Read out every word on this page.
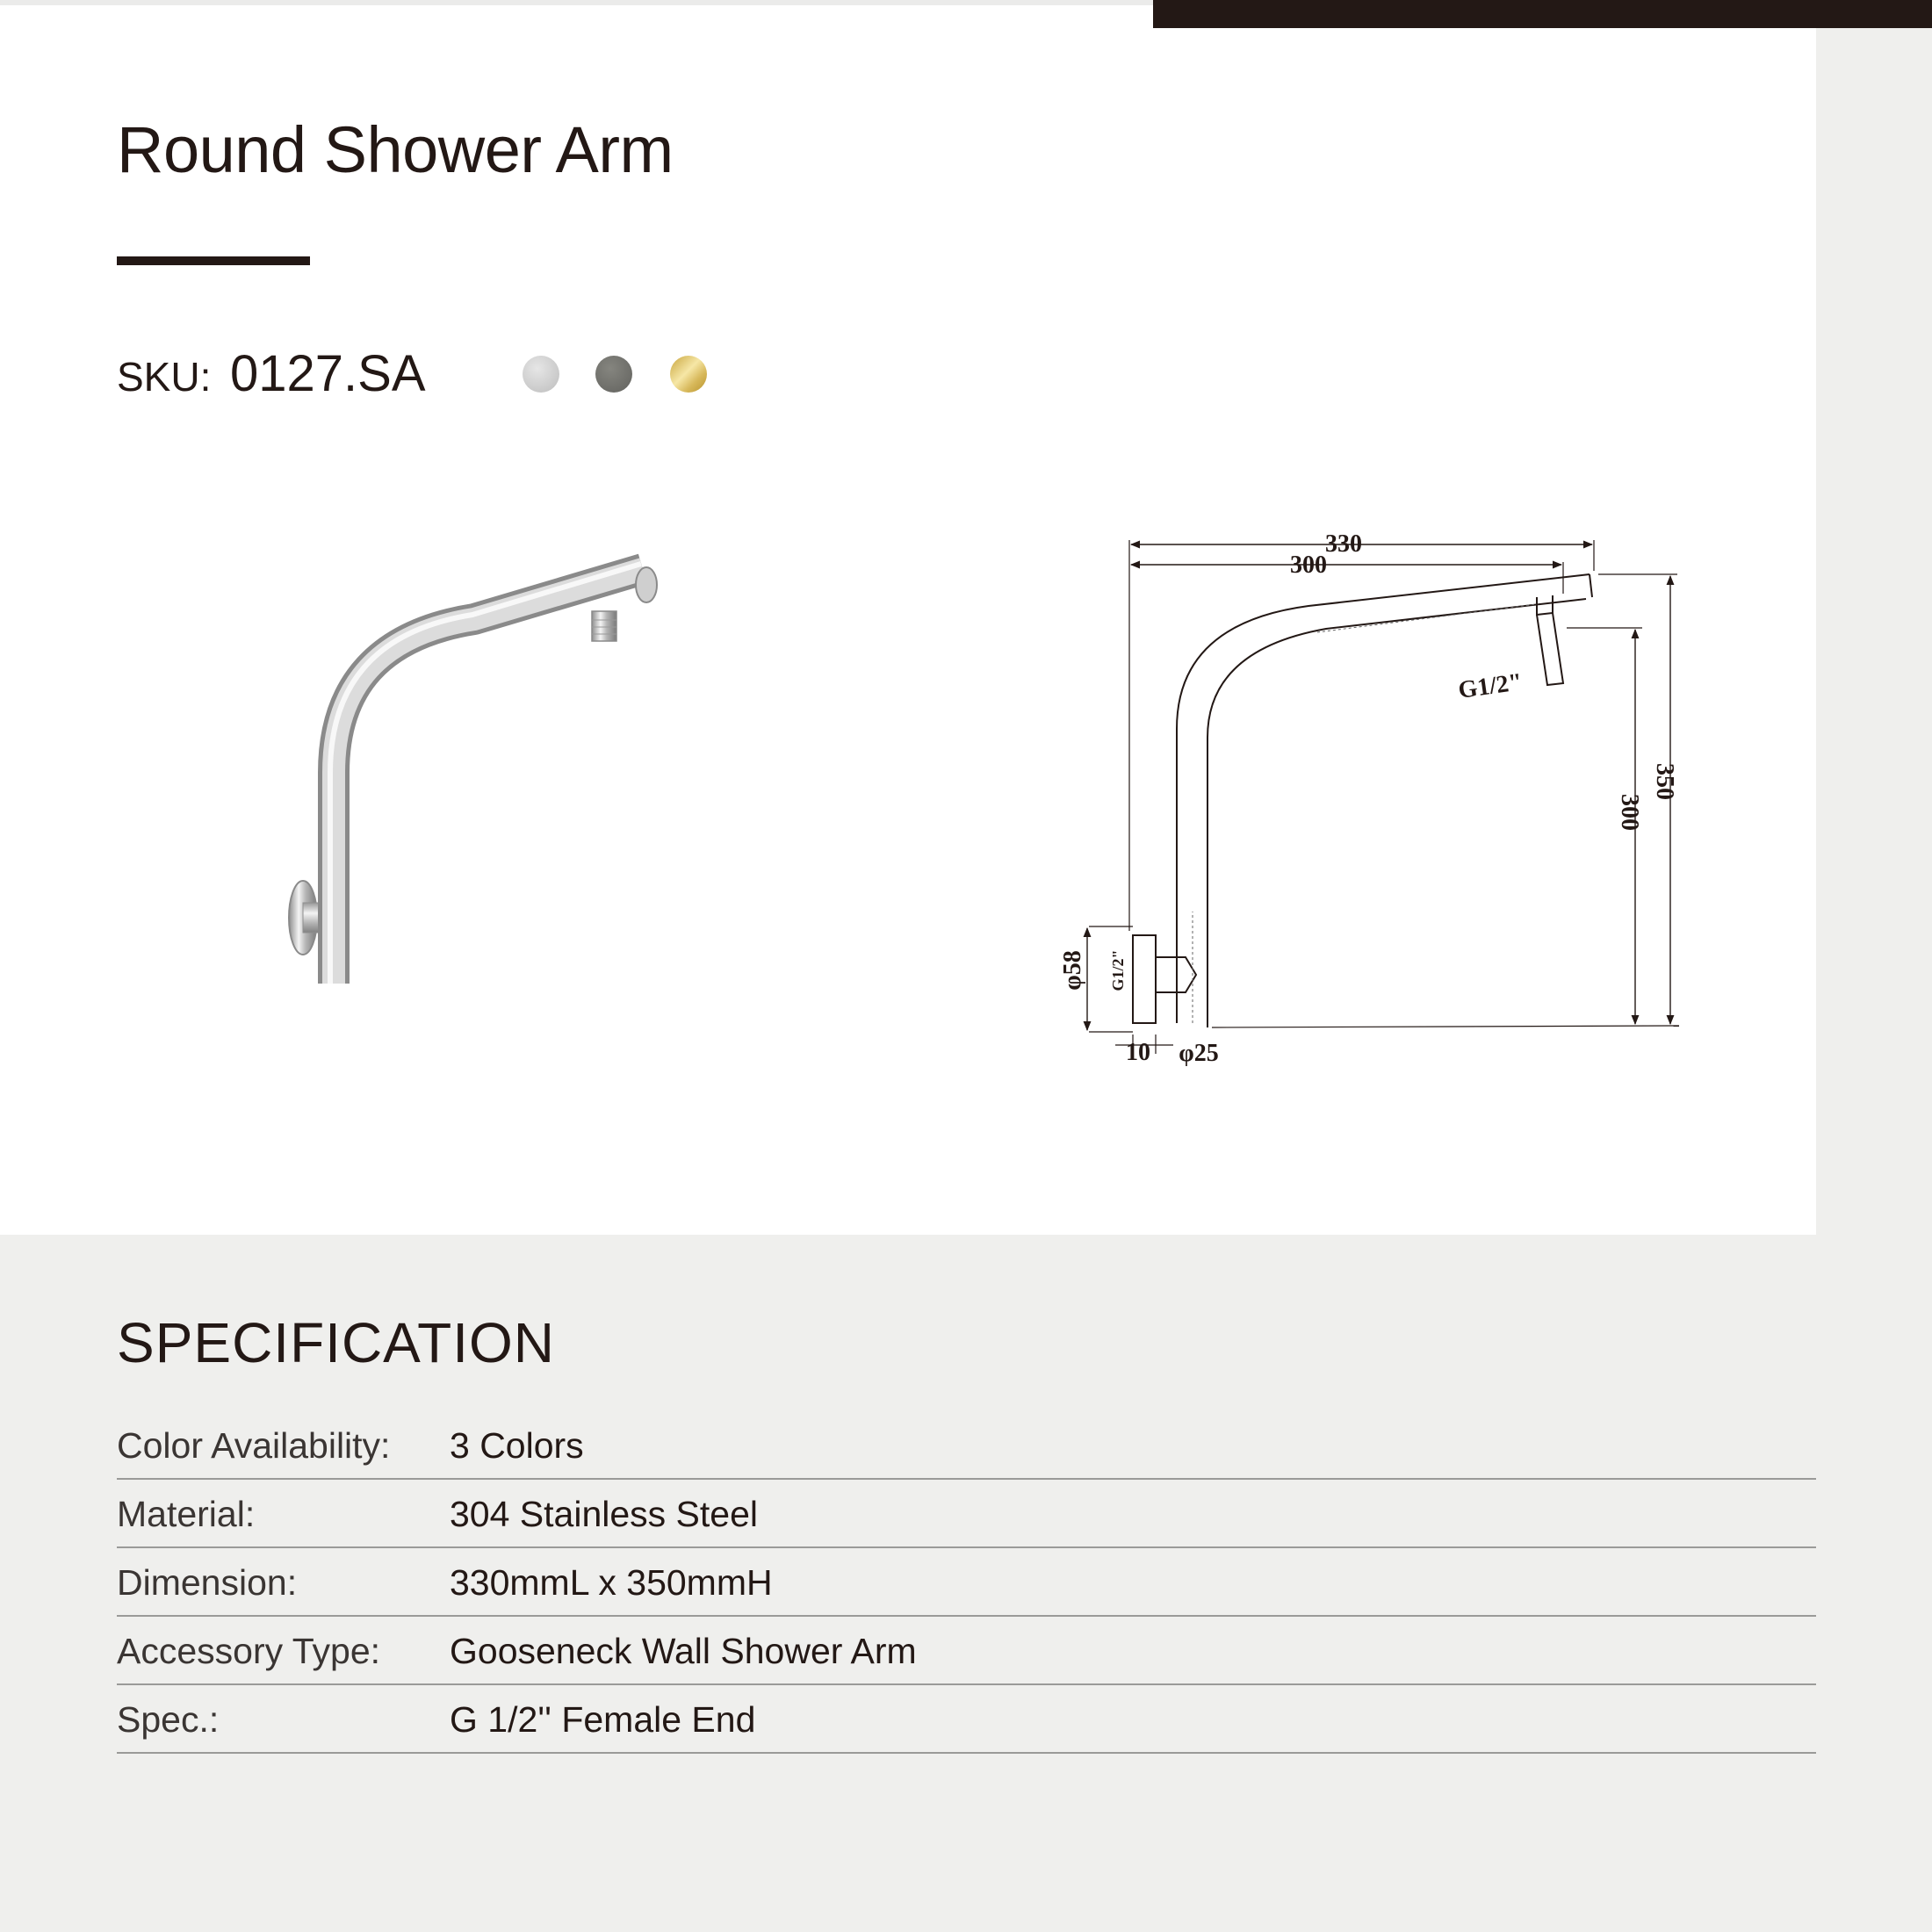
Round Shower Arm
SKU: 0127.SA
330
300
G1/2"
350
300
φ58 G1/2"
10 φ25
SPECIFICATION
Color Availability: 3 Colors
Material:	304 Stainless Steel
Dimension:	330mmL x 350mmH
Accessory Type: Gooseneck Wall Shower Arm
Spec.:	G 1/2'' Female End
